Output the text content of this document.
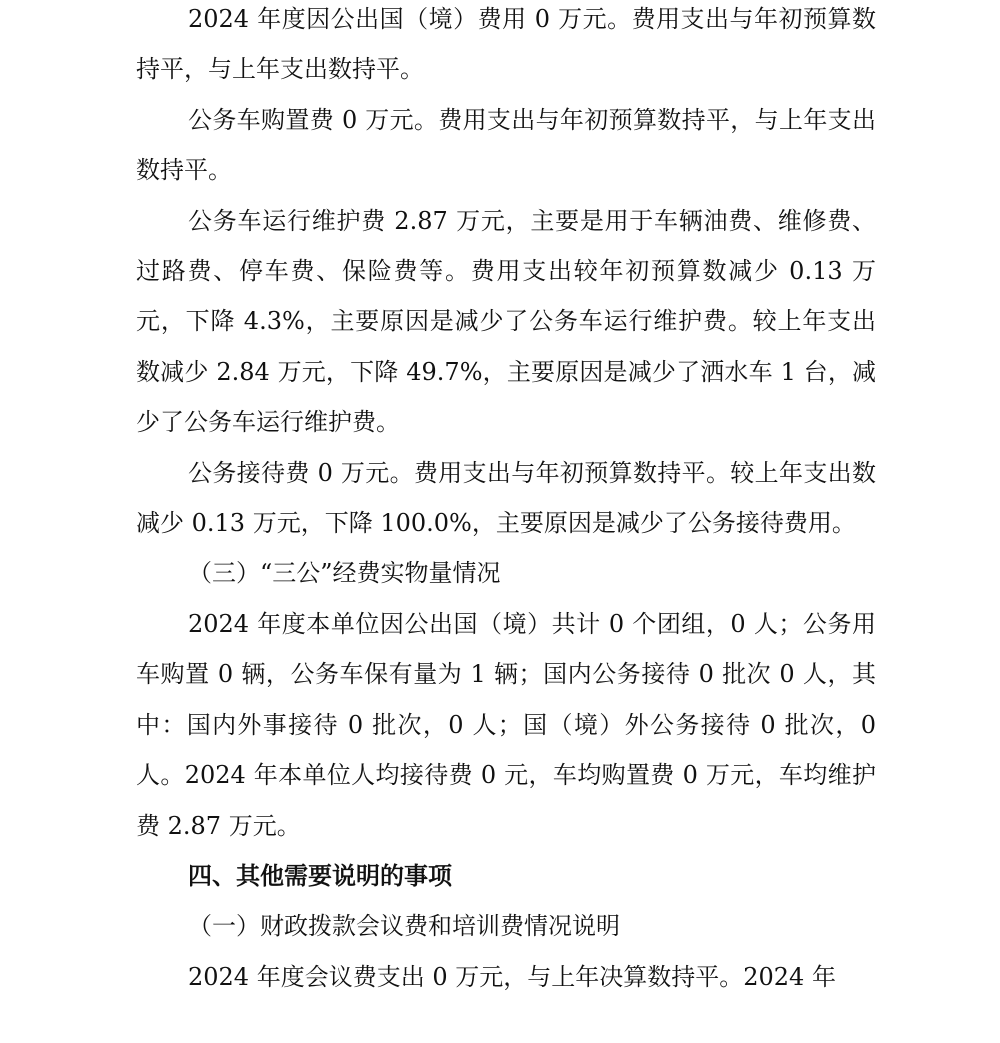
2024 年度因公出国（境）费用 0 万元。费用支出与年初预算数持平，与上年支出数持平。

公务车购置费 0 万元。费用支出与年初预算数持平，与上年支出数持平。

公务车运行维护费 2.87 万元，主要是用于车辆油费、维修费、过路费、停车费、保险费等。费用支出较年初预算数减少 0.13 万元，下降 4.3%，主要原因是减少了公务车运行维护费。较上年支出数减少 2.84 万元，下降 49.7%，主要原因是减少了洒水车 1 台，减少了公务车运行维护费。

公务接待费 0 万元。费用支出与年初预算数持平。较上年支出数减少 0.13 万元，下降 100.0%，主要原因是减少了公务接待费用。

（三）“三公”经费实物量情况

2024 年度本单位因公出国（境）共计 0 个团组，0 人；公务用车购置 0 辆，公务车保有量为 1 辆；国内公务接待 0 批次 0 人，其中：国内外事接待 0 批次，0 人；国（境）外公务接待 0 批次，0 人。2024 年本单位人均接待费 0 元，车均购置费 0 万元，车均维护费 2.87 万元。

四、其他需要说明的事项

（一）财政拨款会议费和培训费情况说明

2024 年度会议费支出 0 万元，与上年决算数持平。2024 年
